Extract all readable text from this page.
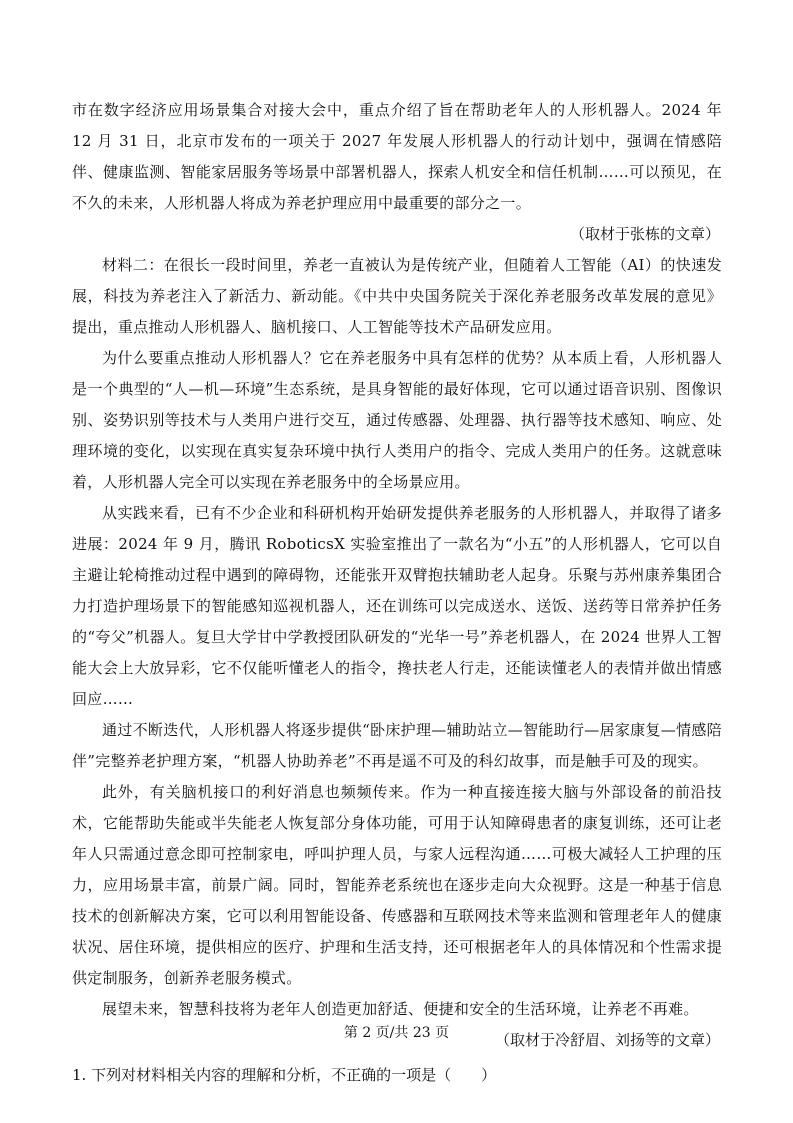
市在数字经济应用场景集合对接大会中，重点介绍了旨在帮助老年人的人形机器人。2024 年 12 月 31 日，北京市发布的一项关于 2027 年发展人形机器人的行动计划中，强调在情感陪伴、健康监测、智能家居服务等场景中部署机器人，探索人机安全和信任机制……可以预见，在不久的未来，人形机器人将成为养老护理应用中最重要的部分之一。

（取材于张栋的文章）

材料二：在很长一段时间里，养老一直被认为是传统产业，但随着人工智能（AI）的快速发展，科技为养老注入了新活力、新动能。《中共中央国务院关于深化养老服务改革发展的意见》提出，重点推动人形机器人、脑机接口、人工智能等技术产品研发应用。

为什么要重点推动人形机器人？它在养老服务中具有怎样的优势？从本质上看，人形机器人是一个典型的“人—机—环境”生态系统，是具身智能的最好体现，它可以通过语音识别、图像识别、姿势识别等技术与人类用户进行交互，通过传感器、处理器、执行器等技术感知、响应、处理环境的变化，以实现在真实复杂环境中执行人类用户的指令、完成人类用户的任务。这就意味着，人形机器人完全可以实现在养老服务中的全场景应用。

从实践来看，已有不少企业和科研机构开始研发提供养老服务的人形机器人，并取得了诸多进展：2024 年 9 月，腾讯 RoboticsX 实验室推出了一款名为“小五”的人形机器人，它可以自主避让轮椅推动过程中遇到的障碍物，还能张开双臂抱扶辅助老人起身。乐聚与苏州康养集团合力打造护理场景下的智能感知巡视机器人，还在训练可以完成送水、送饭、送药等日常养护任务的“夸父”机器人。复旦大学甘中学教授团队研发的“光华一号”养老机器人，在 2024 世界人工智能大会上大放异彩，它不仅能听懂老人的指令，搀扶老人行走，还能读懂老人的表情并做出情感回应……

通过不断迭代，人形机器人将逐步提供“卧床护理—辅助站立—智能助行—居家康复—情感陪伴”完整养老护理方案，“机器人协助养老”不再是遥不可及的科幻故事，而是触手可及的现实。

此外，有关脑机接口的利好消息也频频传来。作为一种直接连接大脑与外部设备的前沿技术，它能帮助失能或半失能老人恢复部分身体功能，可用于认知障碍患者的康复训练，还可让老年人只需通过意念即可控制家电，呼叫护理人员，与家人远程沟通……可极大减轻人工护理的压力，应用场景丰富，前景广阔。同时，智能养老系统也在逐步走向大众视野。这是一种基于信息技术的创新解决方案，它可以利用智能设备、传感器和互联网技术等来监测和管理老年人的健康状况、居住环境，提供相应的医疗、护理和生活支持，还可根据老年人的具体情况和个性需求提供定制服务，创新养老服务模式。

展望未来，智慧科技将为老年人创造更加舒适、便捷和安全的生活环境，让养老不再难。

（取材于冷舒眉、刘扬等的文章）

1. 下列对材料相关内容的理解和分析，不正确的一项是（　　）

第 2 页/共 23 页
